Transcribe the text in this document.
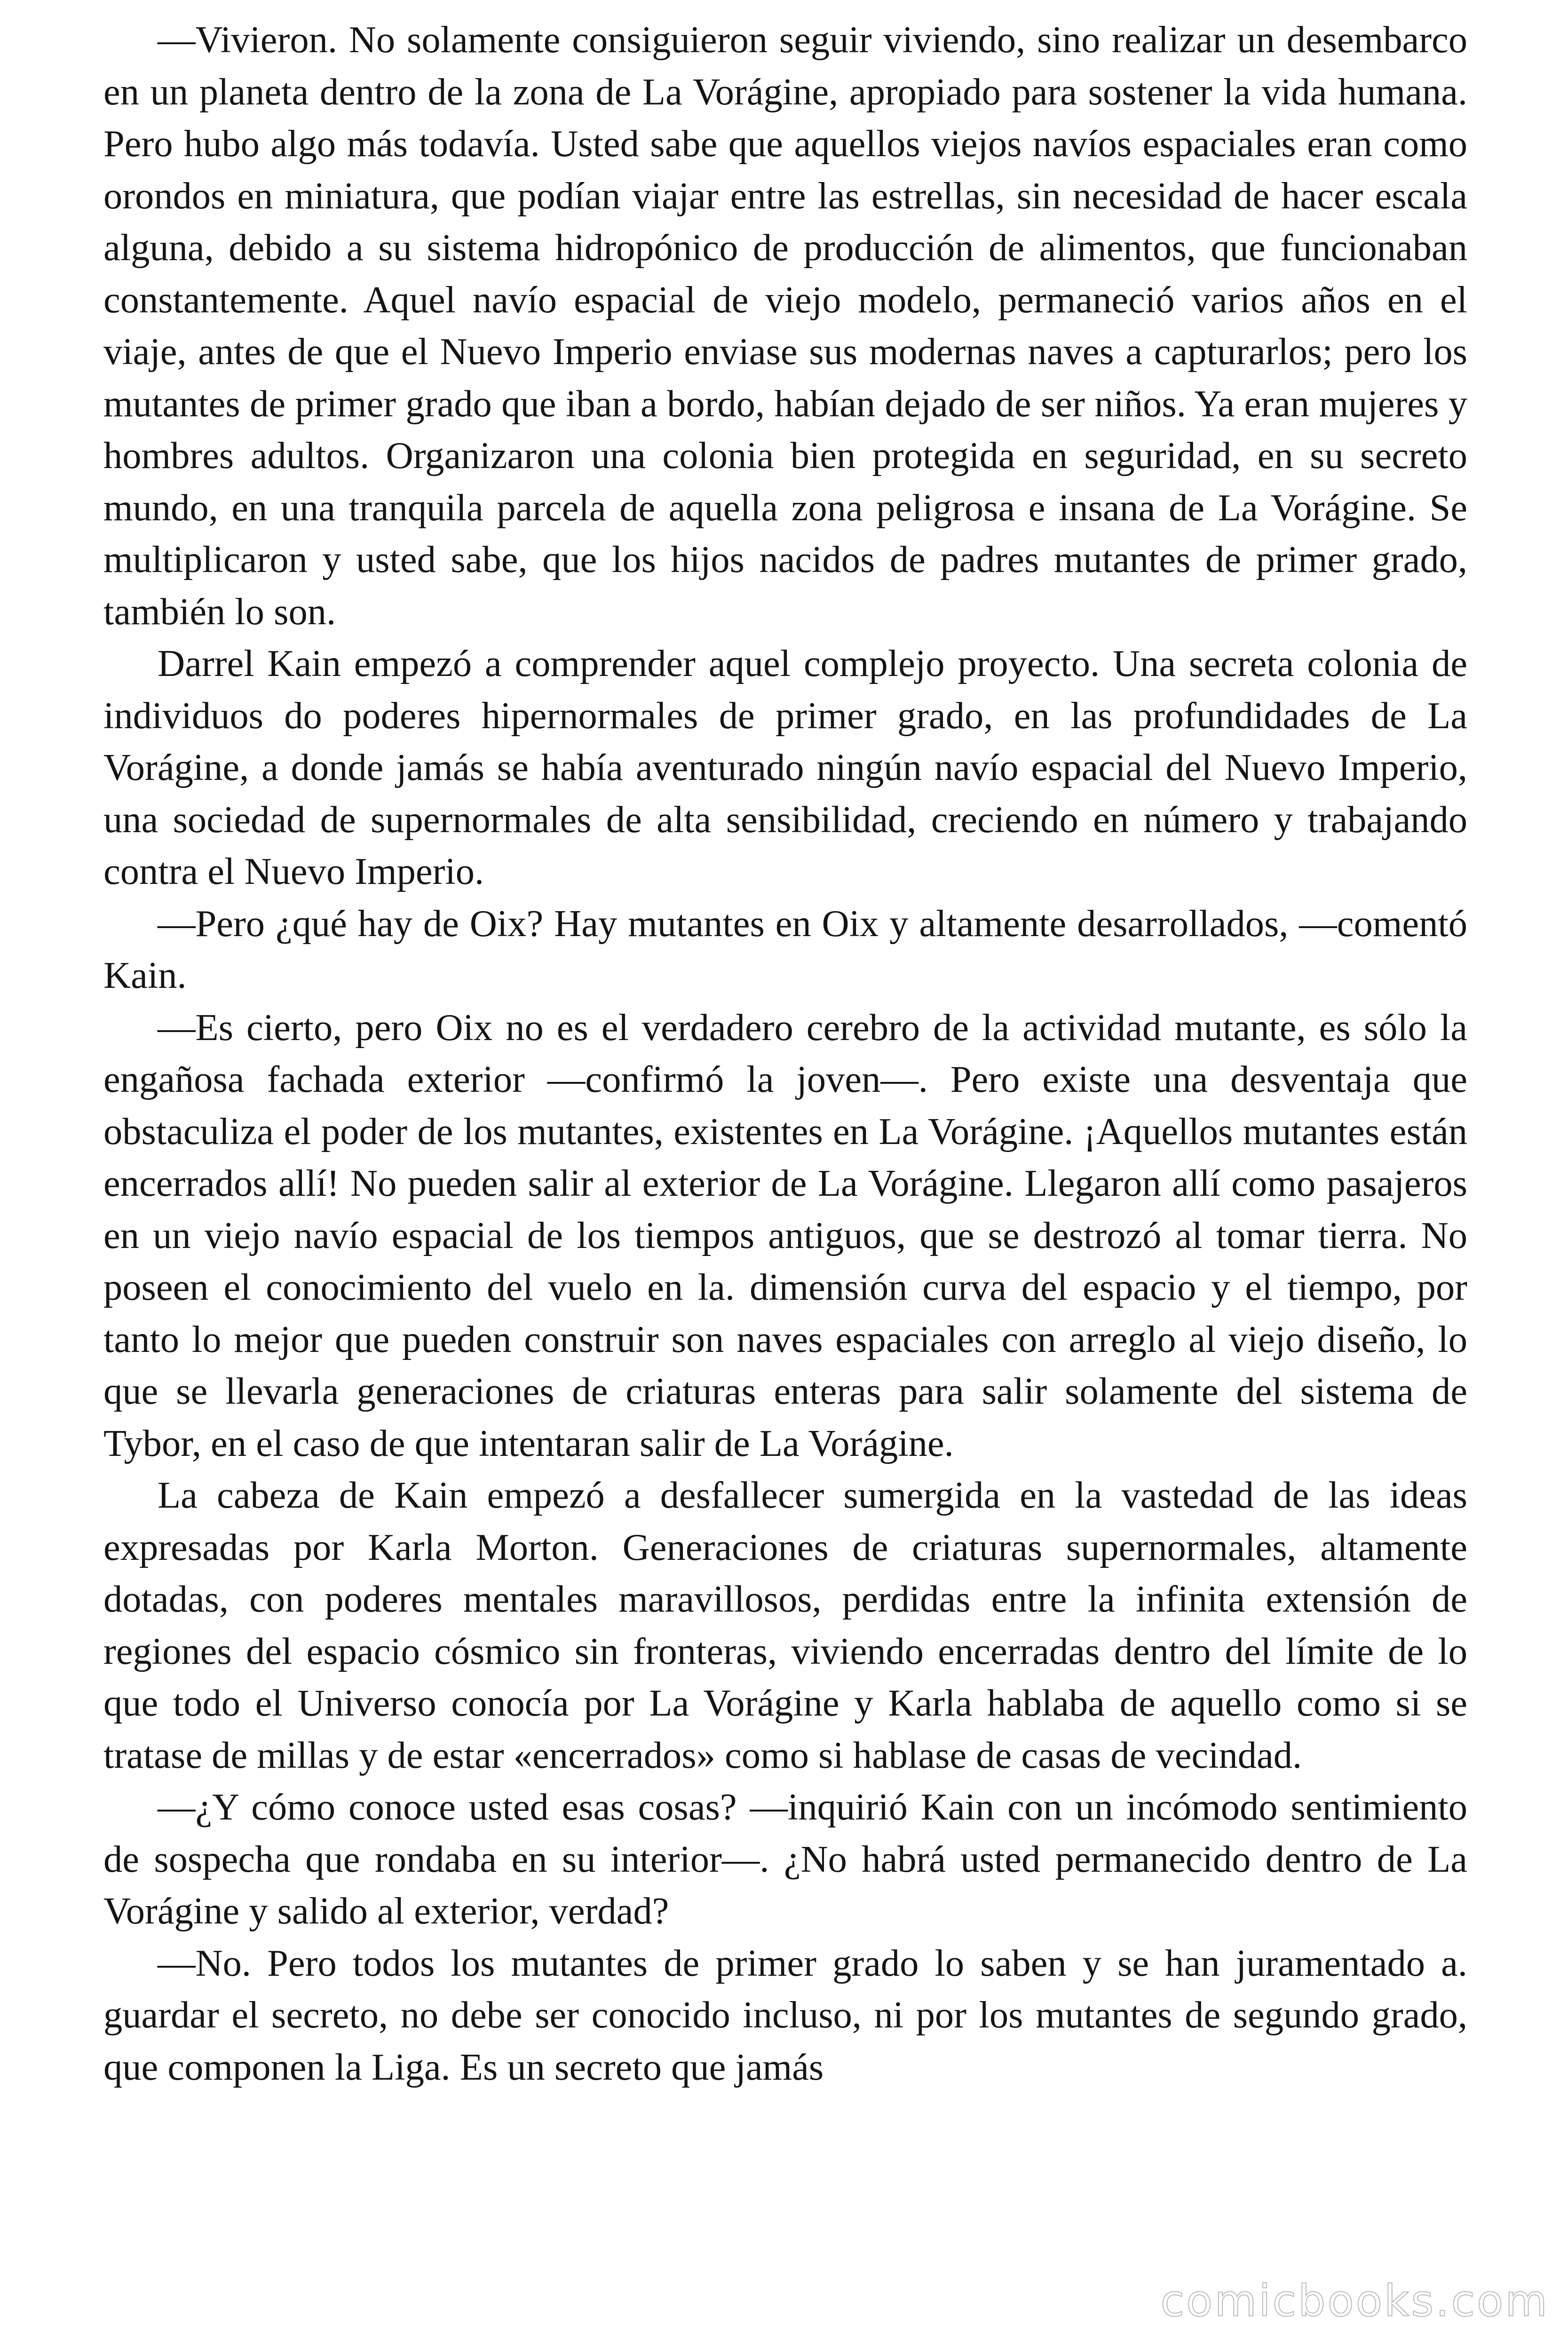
—Vivieron. No solamente consiguieron seguir viviendo, sino realizar un desembarco en un planeta dentro de la zona de La Vorágine, apropiado para sostener la vida humana. Pero hubo algo más todavía. Usted sabe que aquellos viejos navíos espaciales eran como orondos en miniatura, que podían viajar entre las estrellas, sin necesidad de hacer escala alguna, debido a su sistema hidropónico de producción de alimentos, que funcionaban constantemente. Aquel navío espacial de viejo modelo, permaneció varios años en el viaje, antes de que el Nuevo Imperio enviase sus modernas naves a capturarlos; pero los mutantes de primer grado que iban a bordo, habían dejado de ser niños. Ya eran mujeres y hombres adultos. Organizaron una colonia bien protegida en seguridad, en su secreto mundo, en una tranquila parcela de aquella zona peligrosa e insana de La Vorágine. Se multiplicaron y usted sabe, que los hijos nacidos de padres mutantes de primer grado, también lo son.

Darrel Kain empezó a comprender aquel complejo proyecto. Una secreta colonia de individuos do poderes hipernormales de primer grado, en las profundidades de La Vorágine, a donde jamás se había aventurado ningún navío espacial del Nuevo Imperio, una sociedad de supernormales de alta sensibilidad, creciendo en número y trabajando contra el Nuevo Imperio.

—Pero ¿qué hay de Oix? Hay mutantes en Oix y altamente desarrollados, —comentó Kain.

—Es cierto, pero Oix no es el verdadero cerebro de la actividad mutante, es sólo la engañosa fachada exterior —confirmó la joven—. Pero existe una desventaja que obstaculiza el poder de los mutantes, existentes en La Vorágine. ¡Aquellos mutantes están encerrados allí! No pueden salir al exterior de La Vorágine. Llegaron allí como pasajeros en un viejo navío espacial de los tiempos antiguos, que se destrozó al tomar tierra. No poseen el conocimiento del vuelo en la. dimensión curva del espacio y el tiempo, por tanto lo mejor que pueden construir son naves espaciales con arreglo al viejo diseño, lo que se llevarla generaciones de criaturas enteras para salir solamente del sistema de Tybor, en el caso de que intentaran salir de La Vorágine.

La cabeza de Kain empezó a desfallecer sumergida en la vastedad de las ideas expresadas por Karla Morton. Generaciones de criaturas supernormales, altamente dotadas, con poderes mentales maravillosos, perdidas entre la infinita extensión de regiones del espacio cósmico sin fronteras, viviendo encerradas dentro del límite de lo que todo el Universo conocía por La Vorágine y Karla hablaba de aquello como si se tratase de millas y de estar «encerrados» como si hablase de casas de vecindad.

—¿Y cómo conoce usted esas cosas? —inquirió Kain con un incómodo sentimiento de sospecha que rondaba en su interior—. ¿No habrá usted permanecido dentro de La Vorágine y salido al exterior, verdad?

—No. Pero todos los mutantes de primer grado lo saben y se han juramentado a. guardar el secreto, no debe ser conocido incluso, ni por los mutantes de segundo grado, que componen la Liga. Es un secreto que jamás

comicbooks.com
